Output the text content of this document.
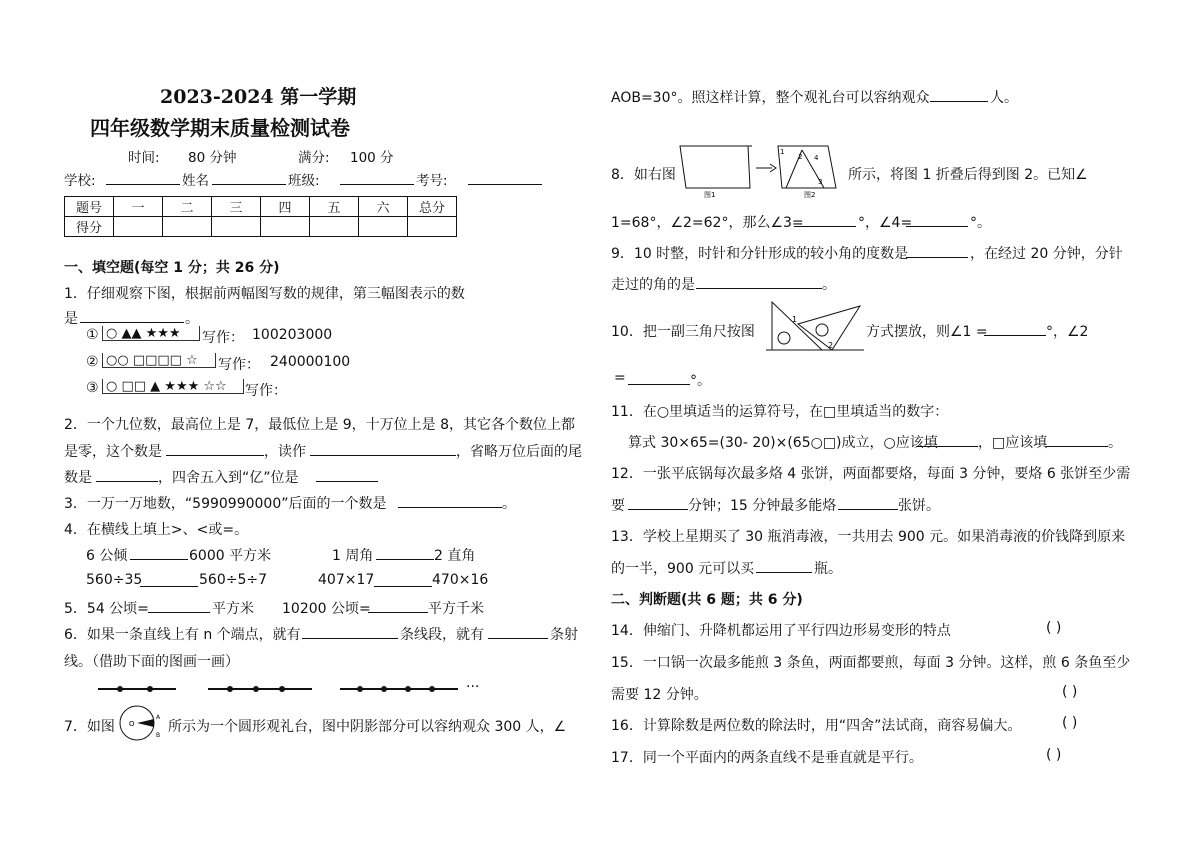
2023-2024 第一学期
四年级数学期末质量检测试卷
时间: 80 分钟	满分: 100 分
学校:	姓名	班级:	考号:
题号	一	二	三	四	五	六	总分
得分							
一、填空题(每空 1 分；共 26 分)
1．仔细观察下图，根据前两幅图写数的规律，第三幅图表示的数
是	。
① ○ ▲▲ ★★★ 写作： 100203000
② ○○ □□□□ ☆ 写作： 240000100
③ ○ □□ ▲ ★★★ ☆☆ 写作：
2．一个九位数，最高位上是 7，最低位上是 9，十万位上是 8，其它各个数位上都
是零，这个数是	，读作	，省略万位后面的尾
数是	，四舍五入到“亿”位是
3．一万一万地数，“5990990000”后面的一个数是	。
4．在横线上填上>、<或=。
6 公倾	6000 平方米	1 周角	2 直角
560÷35	560÷5÷7	407×17	470×16
5．54 公顷=	平方米 10200 公顷=	平方千米
6．如果一条直线上有 n 个端点，就有	条线段，就有	条射
线。（借助下面的图画一画）
···
7．如图 O
A
B
所示为一个圆形观礼台，图中阴影部分可以容纳观众 300 人，∠
AOB=30°。照这样计算，整个观礼台可以容纳观众	人。
8．如右图
图1	图2
1
2
3
4
所示，将图 1 折叠后得到图 2。已知∠
1=68°，∠2=62°，那么∠3=	°，∠4=	°。
9．10 时整，时针和分针形成的较小角的度数是	，在经过 20 分钟，分针
走过的角的是	。
10．把一副三角尺按图
1
2
方式摆放，则∠1 =	°，∠2
=	°。
11．在○里填适当的运算符号，在□里填适当的数字：
算式 30×65=(30- 20)×(65○□)成立，○应该填	，□应该填	。
12．一张平底锅每次最多烙 4 张饼，两面都要烙，每面 3 分钟，要烙 6 张饼至少需
要	分钟；15 分钟最多能烙	张饼。
13．学校上星期买了 30 瓶消毒液，一共用去 900 元。如果消毒液的价钱降到原来
的一半，900 元可以买	瓶。
二、判断题(共 6 题；共 6 分)
14．伸缩门、升降机都运用了平行四边形易变形的特点	( )
15．一口锅一次最多能煎 3 条鱼，两面都要煎，每面 3 分钟。这样，煎 6 条鱼至少
需要 12 分钟。	( )
16．计算除数是两位数的除法时，用“四舍”法试商，商容易偏大。	( )
17．同一个平面内的两条直线不是垂直就是平行。	( )
